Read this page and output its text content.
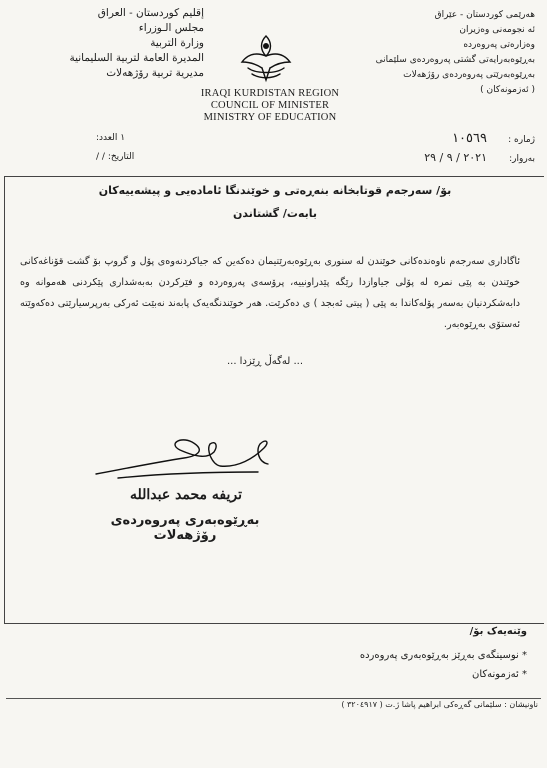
إقليم كوردستان - العراق
مجلس الـوزراء
وزارة التربية
المديرة العامة لتربية السليمانية
مديرية تربية رۆژهەلات
IRAQI KURDISTAN REGION
COUNCIL OF MINISTER
MINISTRY OF EDUCATION
هەرێمی کوردستان - عێراق
ئه نجومەنی وەزیران
وەزارەتی پەروەردە
بەڕێوەبەرایەتی گشتی پەروەردەی سلێمانی
بەڕێوەبەرێتی پەروەردەی رۆژهەلات
( ئەزمونەکان )
١ العدد:
التاريخ: / /
ژمارە :
١٠٥٦٩
بەروار:
٢٠٢١ / ٩ / ٢٩
بۆ/ سەرجەم قوتابخانە بنەڕەتی و خوێندنگا ئامادەیی و پیشەییەکان
بابەت/ گشتاندن
ئاگاداری سەرجەم ناوەندەکانی خوێندن لە سنوری بەڕێوەبەرێتیمان دەکەین کە جیاکردنەوەی پۆل و گروپ بۆ گشت قۆناغەکانی خوێندن بە پێی نمرە لە پۆلی جیاوازدا رێگە پێدراونییە، پرۆسەی پەروەردە و فێرکردن بەبەشداری پێکردنی هەموانە وە دابەشکردنیان بەسەر پۆلەکاندا بە پێی ( پیتی ئەبجد ) ی دەکرێت. هەر خوێندنگەیەک پابەند نەبێت ئەرکی بەرپرسیارێتی دەکەوێتە ئەستۆی بەڕێوەبەر.
... لەگەڵ ڕێزدا ...
تريفه محمد عبدالله
بەڕێوەبەری پەروەردەی رۆژهەلات
وێنەیەک بۆ/
* نوسینگەی بەڕێز بەڕێوەبەری پەروەردە
* ئەزمونەکان
ناونیشان : سلێمانی گەڕەکی ابراهیم پاشا ژ.ت ( ٣٢٠٤٩١٧ )
